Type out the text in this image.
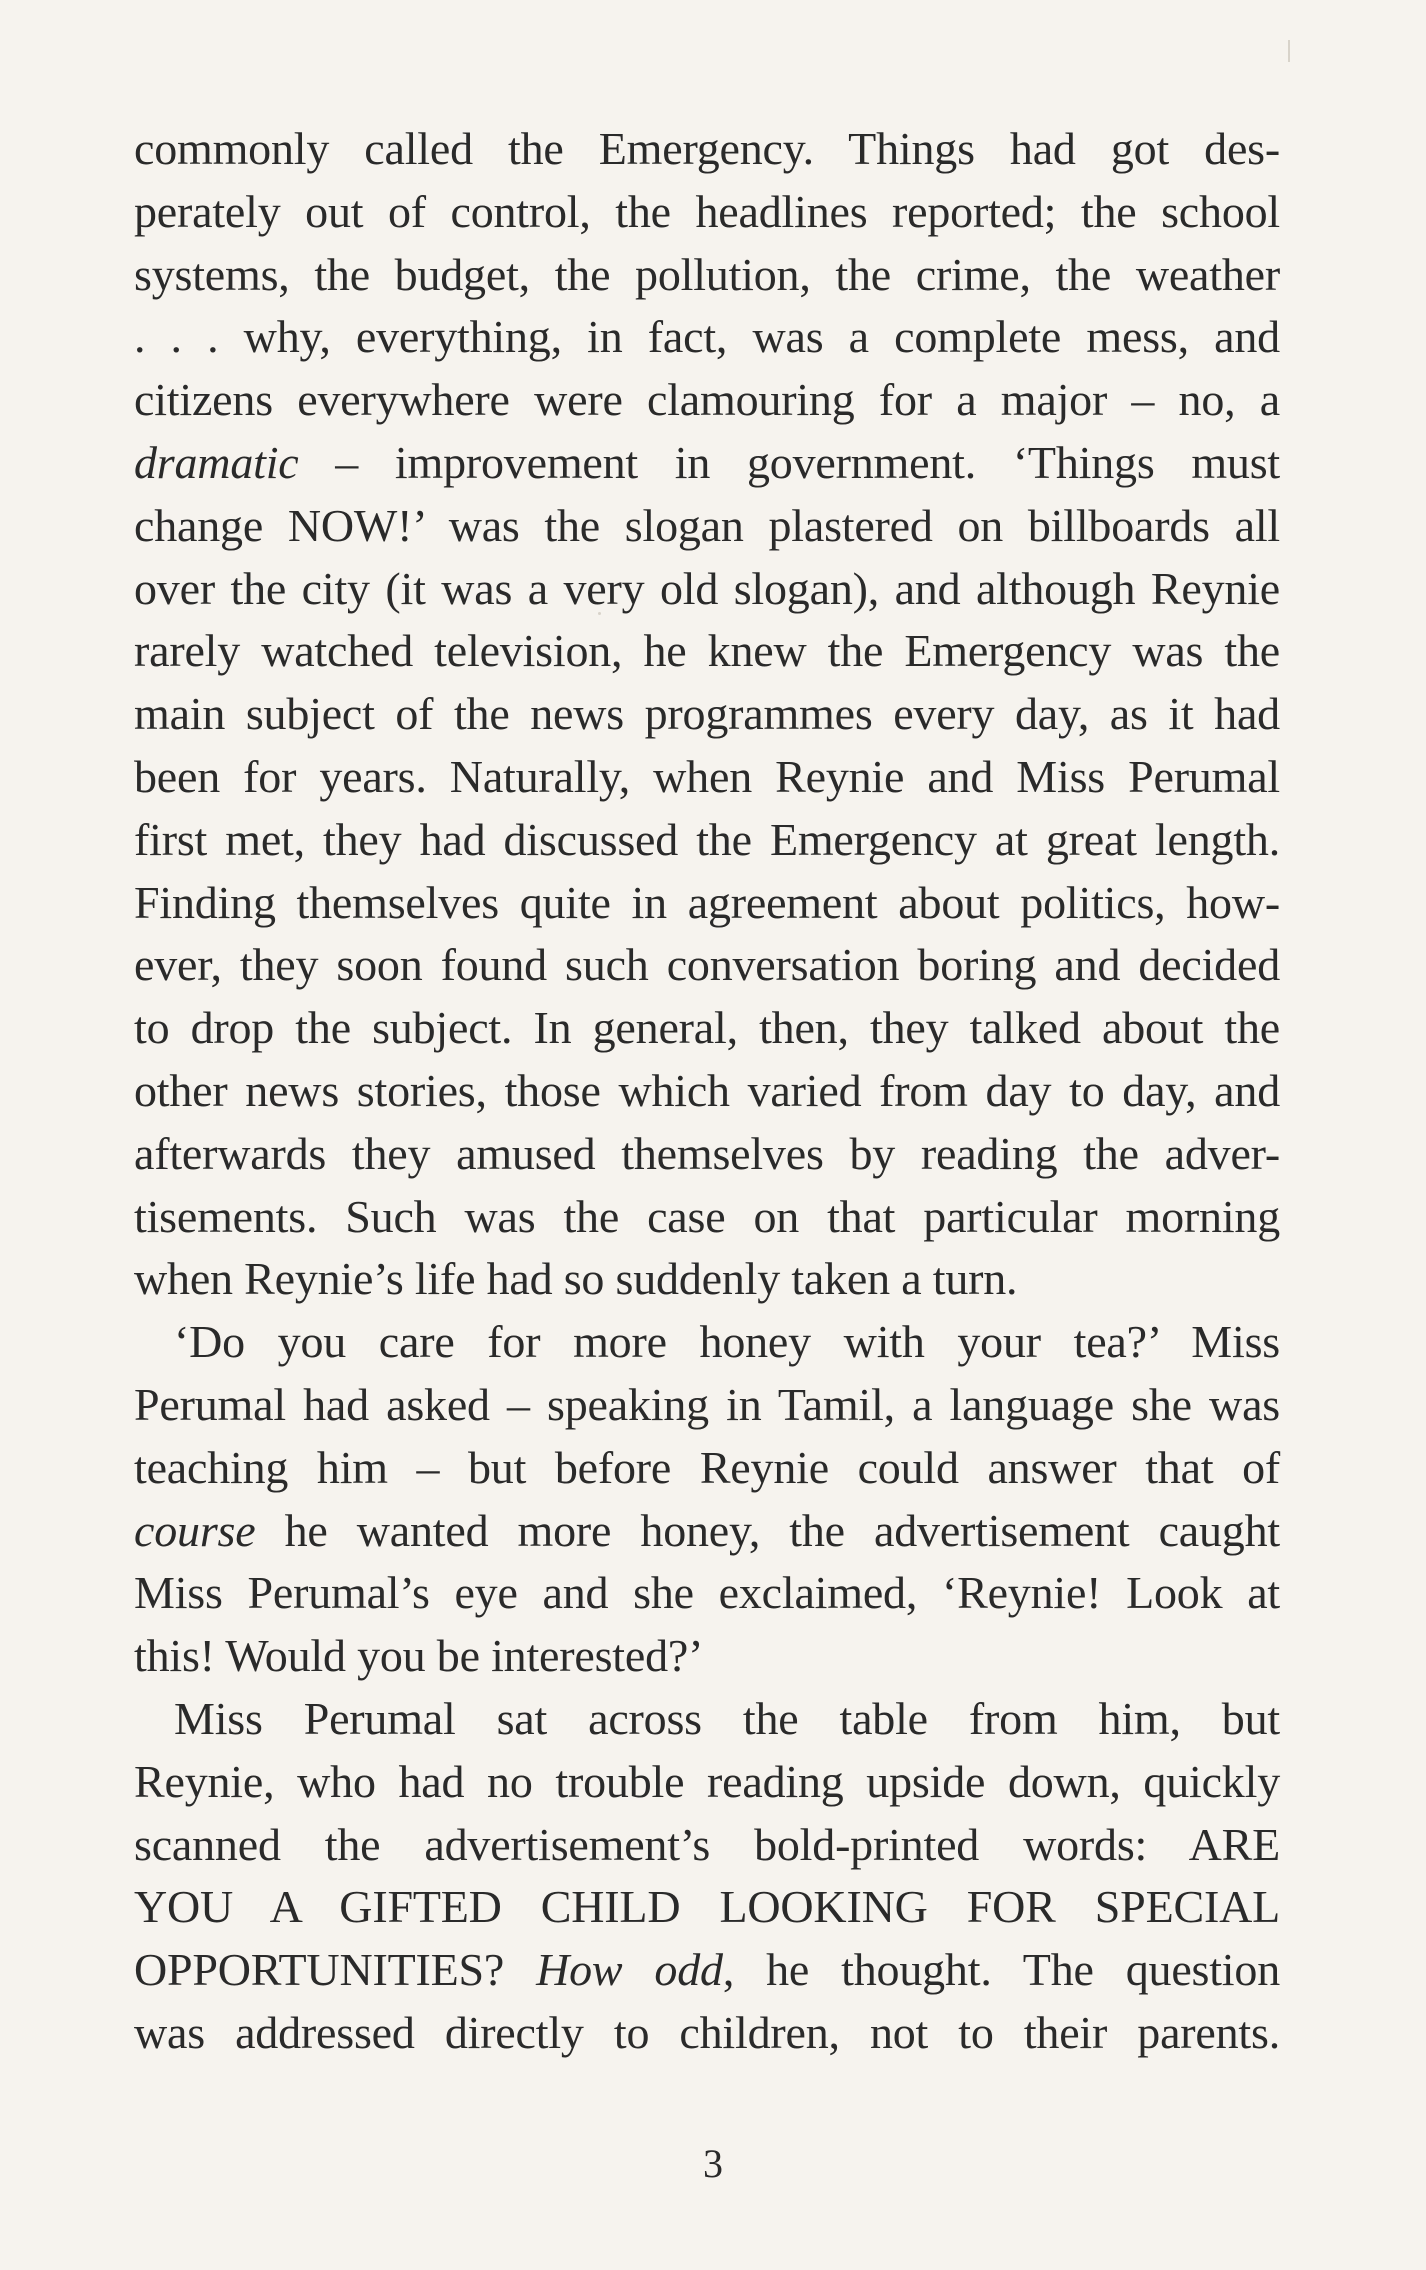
commonly called the Emergency. Things had got des-
perately out of control, the headlines reported; the school
systems, the budget, the pollution, the crime, the weather
. . . why, everything, in fact, was a complete mess, and
citizens everywhere were clamouring for a major – no, a
dramatic – improvement in government. ‘Things must
change NOW!’ was the slogan plastered on billboards all
over the city (it was a very old slogan), and although Reynie
rarely watched television, he knew the Emergency was the
main subject of the news programmes every day, as it had
been for years. Naturally, when Reynie and Miss Perumal
first met, they had discussed the Emergency at great length.
Finding themselves quite in agreement about politics, how-
ever, they soon found such conversation boring and decided
to drop the subject. In general, then, they talked about the
other news stories, those which varied from day to day, and
afterwards they amused themselves by reading the adver-
tisements. Such was the case on that particular morning
when Reynie’s life had so suddenly taken a turn.
‘Do you care for more honey with your tea?’ Miss
Perumal had asked – speaking in Tamil, a language she was
teaching him – but before Reynie could answer that of
course he wanted more honey, the advertisement caught
Miss Perumal’s eye and she exclaimed, ‘Reynie! Look at
this! Would you be interested?’
Miss Perumal sat across the table from him, but
Reynie, who had no trouble reading upside down, quickly
scanned the advertisement’s bold-printed words: ARE
YOU A GIFTED CHILD LOOKING FOR SPECIAL
OPPORTUNITIES? How odd, he thought. The question
was addressed directly to children, not to their parents.
3
